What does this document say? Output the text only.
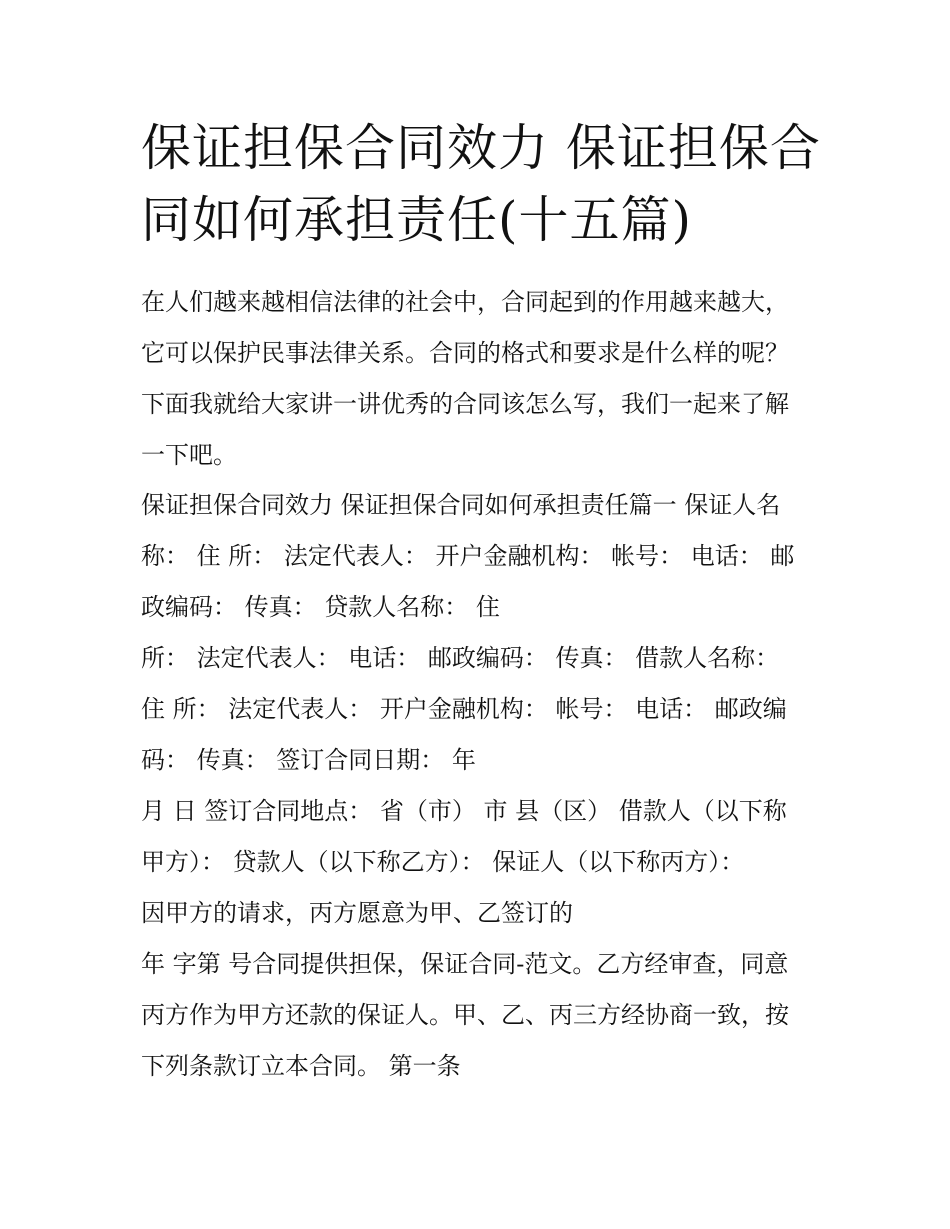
保证担保合同效力 保证担保合
同如何承担责任(十五篇)
在人们越来越相信法律的社会中，合同起到的作用越来越大，
它可以保护民事法律关系。合同的格式和要求是什么样的呢？
下面我就给大家讲一讲优秀的合同该怎么写，我们一起来了解
一下吧。
保证担保合同效力 保证担保合同如何承担责任篇一 保证人名
称： 住 所： 法定代表人： 开户金融机构： 帐号： 电话： 邮
政编码： 传真： 贷款人名称： 住
所： 法定代表人： 电话： 邮政编码： 传真： 借款人名称：
住 所： 法定代表人： 开户金融机构： 帐号： 电话： 邮政编
码： 传真： 签订合同日期： 年
月 日 签订合同地点： 省（市） 市 县（区） 借款人（以下称
甲方）： 贷款人（以下称乙方）： 保证人（以下称丙方）：
因甲方的请求，丙方愿意为甲、乙签订的
年 字第 号合同提供担保，保证合同-范文。乙方经审查，同意
丙方作为甲方还款的保证人。甲、乙、丙三方经协商一致，按
下列条款订立本合同。 第一条
